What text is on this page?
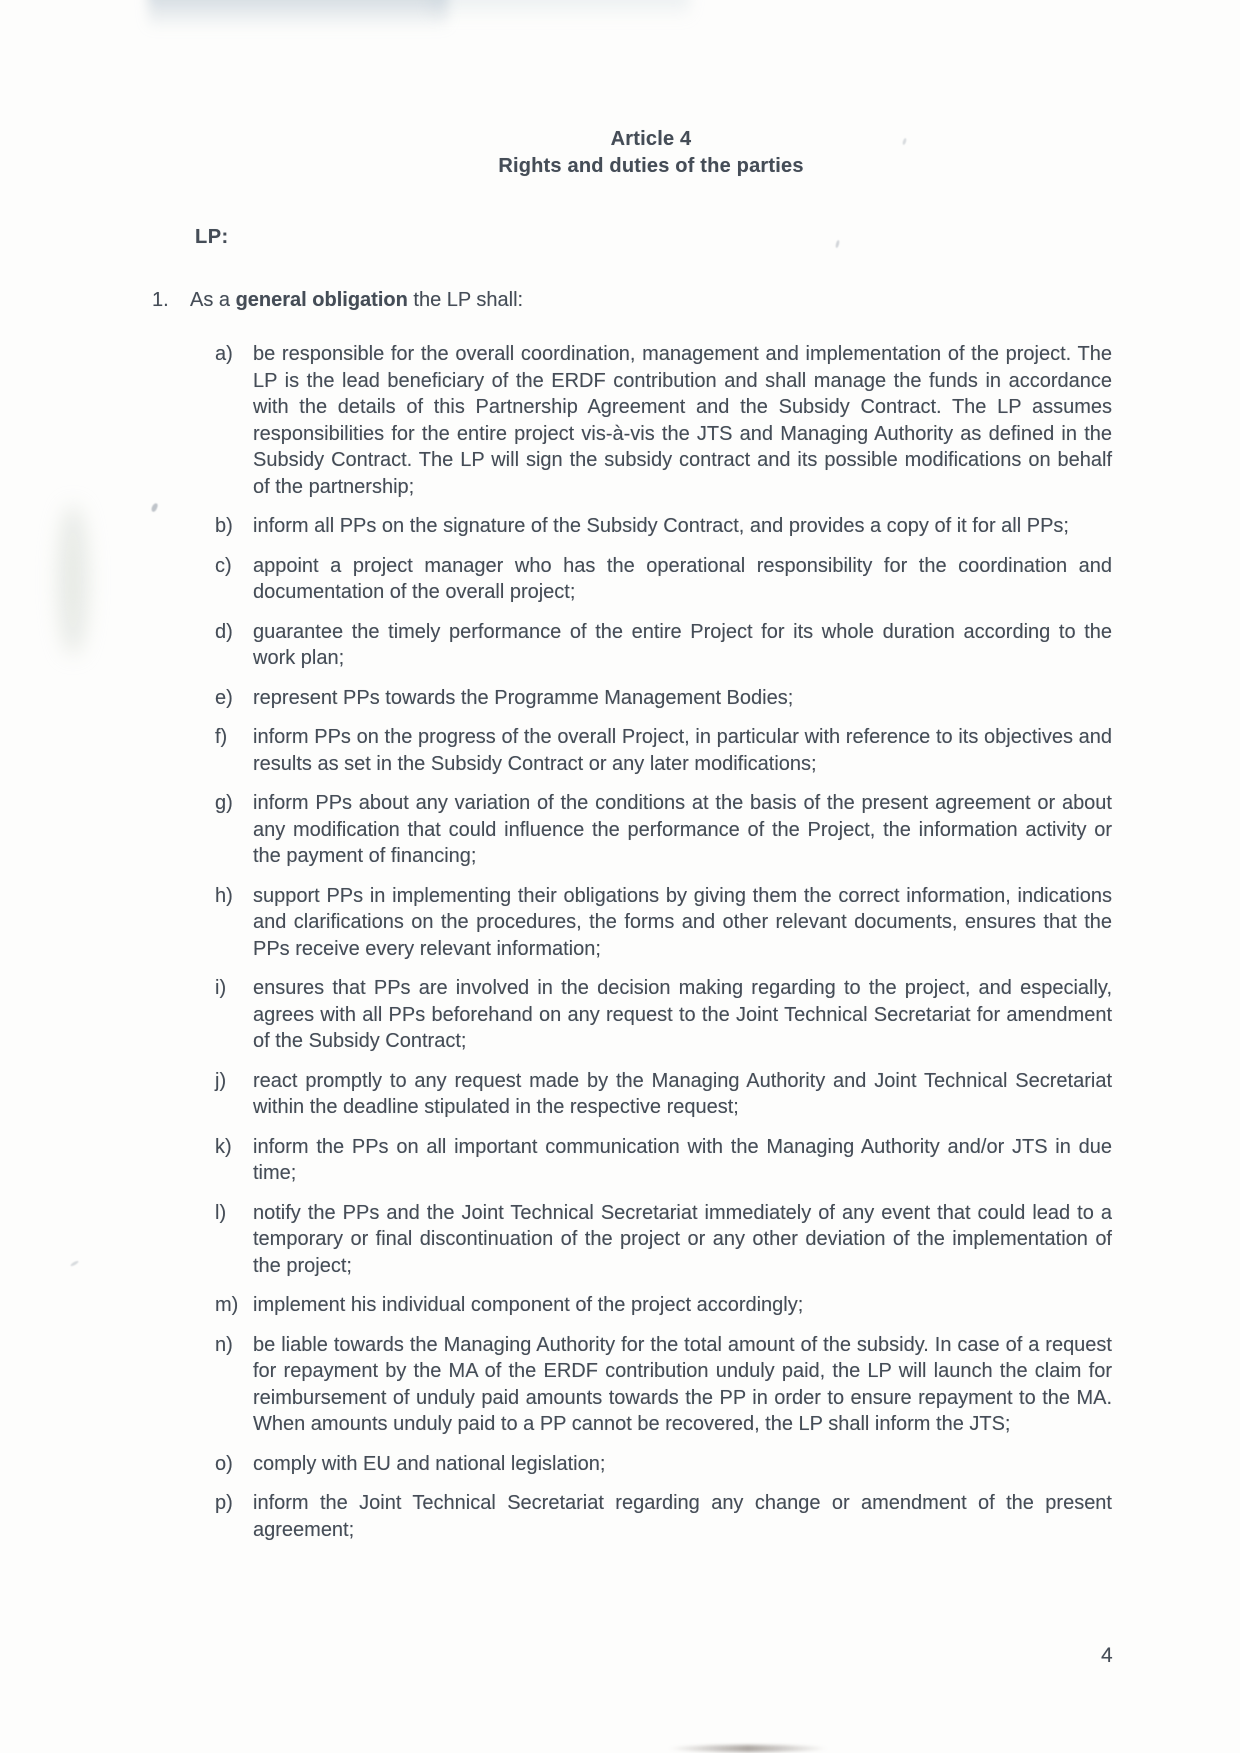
Article 4
Rights and duties of the parties
LP:
1.	As a general obligation the LP shall:
a)	be responsible for the overall coordination, management and implementation of the project. The LP is the lead beneficiary of the ERDF contribution and shall manage the funds in accordance with the details of this Partnership Agreement and the Subsidy Contract. The LP assumes responsibilities for the entire project vis-à-vis the JTS and Managing Authority as defined in the Subsidy Contract. The LP will sign the subsidy contract and its possible modifications on behalf of the partnership;
b)	inform all PPs on the signature of the Subsidy Contract, and provides a copy of it for all PPs;
c)	appoint a project manager who has the operational responsibility for the coordination and documentation of the overall project;
d)	guarantee the timely performance of the entire Project for its whole duration according to the work plan;
e)	represent PPs towards the Programme Management Bodies;
f)	inform PPs on the progress of the overall Project, in particular with reference to its objectives and results as set in the Subsidy Contract or any later modifications;
g)	inform PPs about any variation of the conditions at the basis of the present agreement or about any modification that could influence the performance of the Project, the information activity or the payment of financing;
h)	support PPs in implementing their obligations by giving them the correct information, indications and clarifications on the procedures, the forms and other relevant documents, ensures that the PPs receive every relevant information;
i)	ensures that PPs are involved in the decision making regarding to the project, and especially, agrees with all PPs beforehand on any request to the Joint Technical Secretariat for amendment of the Subsidy Contract;
j)	react promptly to any request made by the Managing Authority and Joint Technical Secretariat within the deadline stipulated in the respective request;
k)	inform the PPs on all important communication with the Managing Authority and/or JTS in due time;
l)	notify the PPs and the Joint Technical Secretariat immediately of any event that could lead to a temporary or final discontinuation of the project or any other deviation of the implementation of the project;
m) implement his individual component of the project accordingly;
n)	be liable towards the Managing Authority for the total amount of the subsidy. In case of a request for repayment by the MA of the ERDF contribution unduly paid, the LP will launch the claim for reimbursement of unduly paid amounts towards the PP in order to ensure repayment to the MA. When amounts unduly paid to a PP cannot be recovered, the LP shall inform the JTS;
o)	comply with EU and national legislation;
p)	inform the Joint Technical Secretariat regarding any change or amendment of the present agreement;
4
